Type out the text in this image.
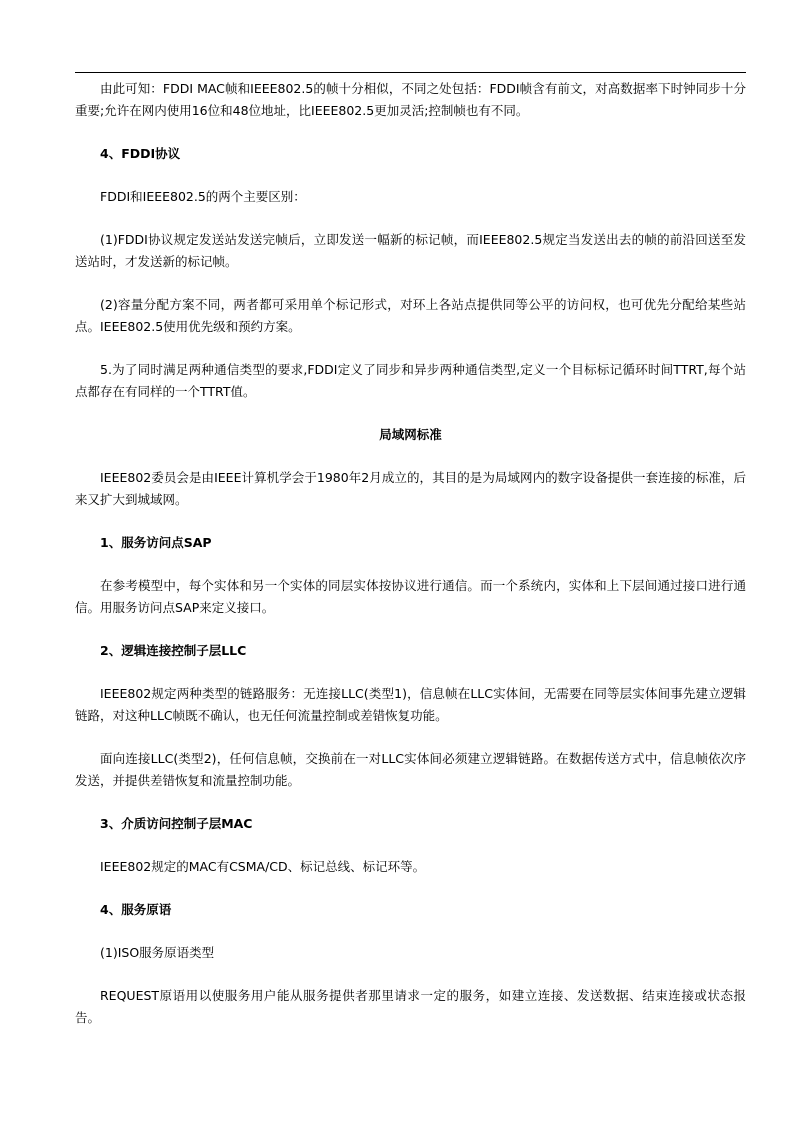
由此可知：FDDI MAC帧和IEEE802.5的帧十分相似，不同之处包括：FDDI帧含有前文，对高数据率下时钟同步十分重要;允许在网内使用16位和48位地址，比IEEE802.5更加灵活;控制帧也有不同。

4、FDDI协议

FDDI和IEEE802.5的两个主要区别：

(1)FDDI协议规定发送站发送完帧后，立即发送一幅新的标记帧，而IEEE802.5规定当发送出去的帧的前沿回送至发送站时，才发送新的标记帧。

(2)容量分配方案不同，两者都可采用单个标记形式，对环上各站点提供同等公平的访问权，也可优先分配给某些站点。IEEE802.5使用优先级和预约方案。

5.为了同时满足两种通信类型的要求,FDDI定义了同步和异步两种通信类型,定义一个目标标记循环时间TTRT,每个站点都存在有同样的一个TTRT值。

局域网标准

IEEE802委员会是由IEEE计算机学会于1980年2月成立的，其目的是为局域网内的数字设备提供一套连接的标准，后来又扩大到城域网。

1、服务访问点SAP

在参考模型中，每个实体和另一个实体的同层实体按协议进行通信。而一个系统内，实体和上下层间通过接口进行通信。用服务访问点SAP来定义接口。

2、逻辑连接控制子层LLC

IEEE802规定两种类型的链路服务：无连接LLC(类型1)，信息帧在LLC实体间，无需要在同等层实体间事先建立逻辑链路，对这种LLC帧既不确认，也无任何流量控制或差错恢复功能。

面向连接LLC(类型2)，任何信息帧，交换前在一对LLC实体间必须建立逻辑链路。在数据传送方式中，信息帧依次序发送，并提供差错恢复和流量控制功能。

3、介质访问控制子层MAC

IEEE802规定的MAC有CSMA/CD、标记总线、标记环等。

4、服务原语

(1)ISO服务原语类型

REQUEST原语用以使服务用户能从服务提供者那里请求一定的服务，如建立连接、发送数据、结束连接或状态报告。
